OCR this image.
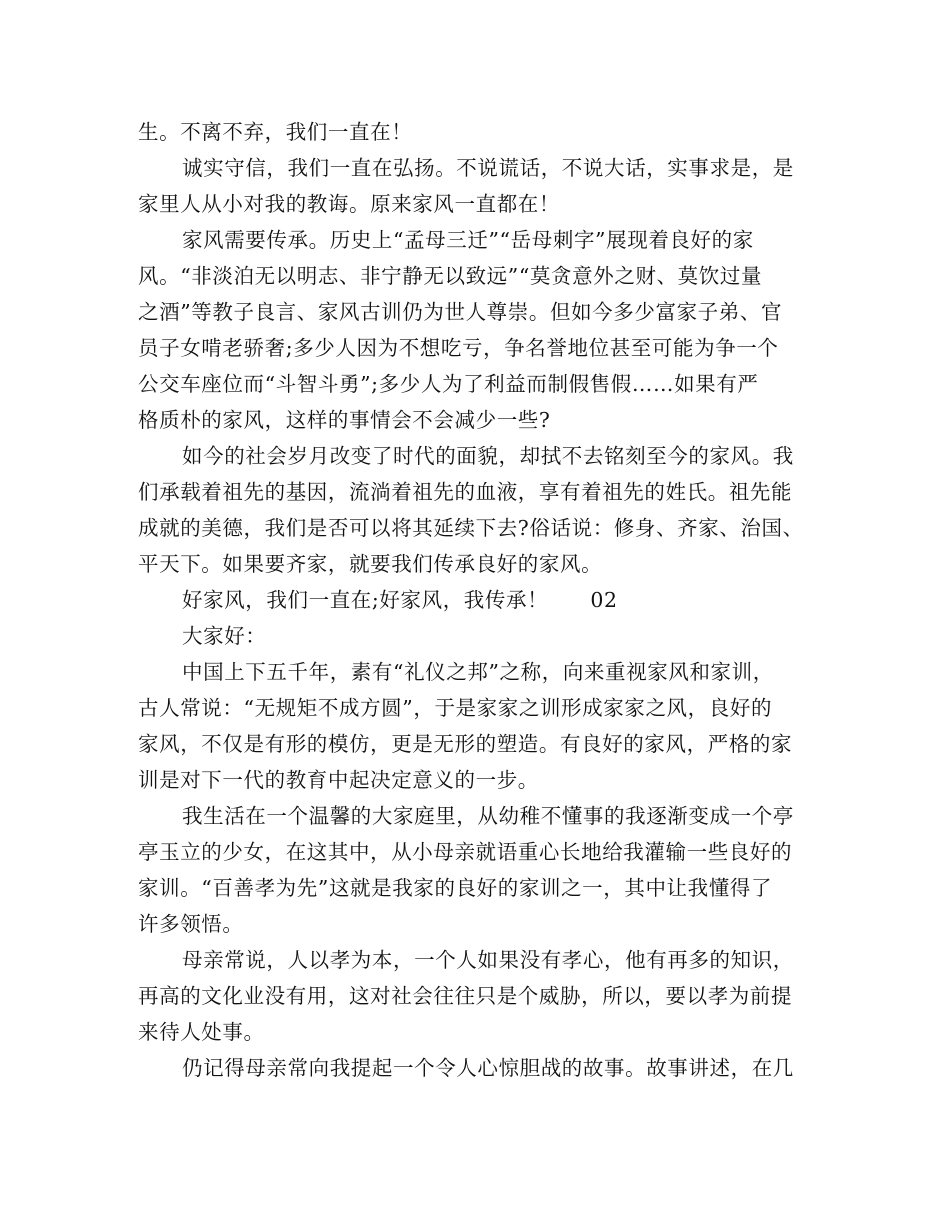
生。不离不弃，我们一直在！
诚实守信，我们一直在弘扬。不说谎话，不说大话，实事求是，是
家里人从小对我的教诲。原来家风一直都在！
家风需要传承。历史上“孟母三迁”“岳母刺字”展现着良好的家
风。“非淡泊无以明志、非宁静无以致远”“莫贪意外之财、莫饮过量
之酒”等教子良言、家风古训仍为世人尊崇。但如今多少富家子弟、官
员子女啃老骄奢;多少人因为不想吃亏，争名誉地位甚至可能为争一个
公交车座位而“斗智斗勇”;多少人为了利益而制假售假……如果有严
格质朴的家风，这样的事情会不会减少一些?
如今的社会岁月改变了时代的面貌，却拭不去铭刻至今的家风。我
们承载着祖先的基因，流淌着祖先的血液，享有着祖先的姓氏。祖先能
成就的美德，我们是否可以将其延续下去?俗话说：修身、齐家、治国、
平天下。如果要齐家，就要我们传承良好的家风。
好家风，我们一直在;好家风，我传承！　　02
大家好：
中国上下五千年，素有“礼仪之邦”之称，向来重视家风和家训，
古人常说：“无规矩不成方圆”，于是家家之训形成家家之风，良好的
家风，不仅是有形的模仿，更是无形的塑造。有良好的家风，严格的家
训是对下一代的教育中起决定意义的一步。
我生活在一个温馨的大家庭里，从幼稚不懂事的我逐渐变成一个亭
亭玉立的少女，在这其中，从小母亲就语重心长地给我灌输一些良好的
家训。“百善孝为先”这就是我家的良好的家训之一，其中让我懂得了
许多领悟。
母亲常说，人以孝为本，一个人如果没有孝心，他有再多的知识，
再高的文化业没有用，这对社会往往只是个威胁，所以，要以孝为前提
来待人处事。
仍记得母亲常向我提起一个令人心惊胆战的故事。故事讲述，在几
